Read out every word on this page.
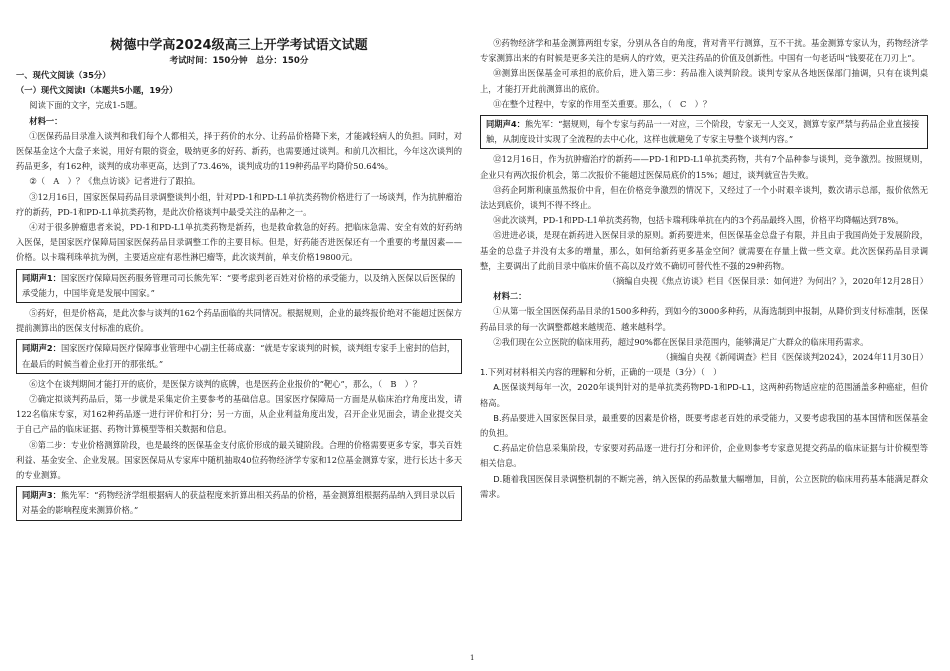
树德中学高2024级高三上开学考试语文试题
考试时间：150分钟　总分：150分

一、现代文阅读（35分）

（一）现代文阅读Ⅰ（本题共5小题，19分）

阅读下面的文字，完成1-5题。

材料一：

①医保药品目录准入谈判和我们每个人都相关，择于药价的水分、让药品价格降下来，才能减轻病人的负担。同时，对医保基金这个大盘子来说，用好有限的资金，吸纳更多的好药、新药，也需要通过谈判。和前几次相比，今年这次谈判的药品更多，有162种，谈判的成功率更高，达到了73.46%，谈判成功的119种药品平均降价50.64%。

②（　A　）？《焦点访谈》记者进行了跟拍。

③12月16日，国家医保局药品目录调整谈判小组，针对PD-1和PD-L1单抗类药物价格进行了一场谈判，作为抗肿瘤治疗的新药，PD-1和PD-L1单抗类药物，是此次价格谈判中最受关注的品种之一。

④对于很多肿瘤患者来说，PD-1和PD-L1单抗类药物是新药，也是救命救急的好药。把临床急需、安全有效的好药纳入医保，是国家医疗保障局国家医保药品目录调整工作的主要目标。但是，好药能否进医保还有一个重要的考量因素——价格。以卡瑞利珠单抗为例，主要适应症有恶性淋巴瘤等，此次谈判前，单支价格19800元。

同期声1：国家医疗保障局医药服务管理司司长熊先军：“要考虑到老百姓对价格的承受能力，以及纳入医保以后医保的承受能力，中国毕竟是发展中国家。”

⑤药好，但是价格高，是此次参与谈判的162个药品面临的共同情况。根据规则，企业的最终报价绝对不能超过医保方提前测算出的医保支付标准的底价。

同期声2：国家医疗保障局医疗保障事业管理中心副主任蒋成嘉：“就是专家谈判的时候，谈判组专家手上密封的信封，在最后的时候当着企业打开的那张纸。”

⑥这个在谈判期间才能打开的底价，是医保方谈判的底牌，也是医药企业报价的“靶心”，那么，（　B　）？

⑦确定拟谈判药品后，第一步就是采集定价主要参考的基础信息。国家医疗保障局一方面是从临床治疗角度出发，请122名临床专家，对162种药品逐一进行评价和打分；另一方面，从企业利益角度出发，召开企业见面会，请企业提交关于自己产品的临床证据、药物计算模型等相关数据和信息。

⑧第二步：专业价格测算阶段，也是最终的医保基金支付底价形成的最关键阶段。合理的价格需要更多专家，事关百姓利益、基金安全、企业发展。国家医保局从专家库中随机抽取40位药物经济学专家和12位基金测算专家，进行长达十多天的专业测算。

同期声3：熊先军：“药物经济学组根据病人的获益程度来折算出相关药品的价格，基金测算组根据药品纳入到目录以后对基金的影响程度来测算价格。”

⑨药物经济学和基金测算两组专家，分别从各自的角度，背对背平行测算，互不干扰。基金测算专家认为，药物经济学专家测算出来的有时候是更多关注的是病人的疗效，更关注药品的价值及创新性。中国有一句老话叫“钱要花在刀刃上”。

⑩测算出医保基金可承担的底价后，进入第三步：药品准入谈判阶段。谈判专家从各地医保部门抽调，只有在谈判桌上，才能打开此前测算出的底价。

⑪在整个过程中，专家的作用至关重要。那么，（　C　）？

同期声4：熊先军：“据规则，每个专家与药品一一对应，三个阶段，专家无一人交叉，测算专家严禁与药品企业直接接触，从制度设计实现了全流程的去中心化，这样也就避免了专家主导整个谈判内容。”

⑫12月16日，作为抗肿瘤治疗的新药——PD-1和PD-L1单抗类药物，共有7个品种参与谈判，竞争激烈。按照规则，企业只有两次报价机会，第二次报价不能超过医保局底价的15%；超过，谈判就宣告失败。

⑬药企阿斯利康虽然报价中肯，但在价格竞争激烈的情况下，又经过了一个小时艰辛谈判，数次请示总部，报价依然无法达到底价，谈判不得不终止。

⑭此次谈判，PD-1和PD-L1单抗类药物，包括卡瑞利珠单抗在内的3个药品最终入围，价格平均降幅达到78%。

⑮进进必谈，是现在新药进入医保目录的原则。新药要进来，但医保基金总盘子有限，并且由于我国尚处于发展阶段，基金的总盘子并没有太多的增量，那么，如何给新药更多基金空间？就需要在存量上做一些文章。此次医保药品目录调整，主要调出了此前目录中临床价值不高以及疗效不确切可替代性不强的29种药物。

（摘编自央视《焦点访谈》栏目《医保目录：如何进？为何出？》，2020年12月28日）

材料二：

①从第一版全国医保药品目录的1500多种药，到如今的3000多种药，从海选制到申报制，从降价到支付标准制，医保药品目录的每一次调整都越来越规范、越来越科学。

②我们现在公立医院的临床用药，超过90%都在医保目录范围内，能够满足广大群众的临床用药需求。

（摘编自央视《新闻调查》栏目《医保谈判2024》，2024年11月30日）

1.下列对材料相关内容的理解和分析，正确的一项是（3分）（　）

A.医保谈判每年一次，2020年谈判针对的是单抗类药物PD-1和PD-L1，这两种药物适应症的范围涵盖多种癌症，但价格高。

B.药品要进入国家医保目录，最重要的因素是价格，既要考虑老百姓的承受能力，又要考虑我国的基本国情和医保基金的负担。

C.药品定价信息采集阶段，专家要对药品逐一进行打分和评价，企业则参考专家意见提交药品的临床证据与计价模型等相关信息。

D.随着我国医保目录调整机制的不断完善，纳入医保的药品数量大幅增加，目前，公立医院的临床用药基本能满足群众需求。

1
